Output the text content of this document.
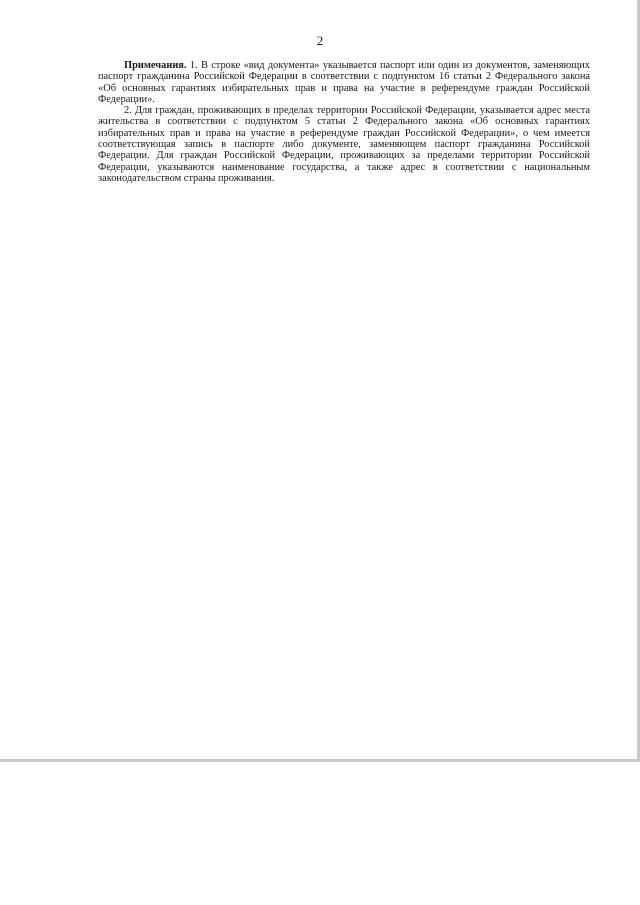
2

Примечания. 1. В строке «вид документа» указывается паспорт или один из документов, заменяющих паспорт гражданина Российской Федерации в соответствии с подпунктом 16 статьи 2 Федерального закона «Об основных гарантиях избирательных прав и права на участие в референдуме граждан Российской Федерации».

2. Для граждан, проживающих в пределах территории Российской Федерации, указывается адрес места жительства в соответствии с подпунктом 5 статьи 2 Федерального закона «Об основных гарантиях избирательных прав и права на участие в референдуме граждан Российской Федерации», о чем имеется соответствующая запись в паспорте либо документе, заменяющем паспорт гражданина Российской Федерации. Для граждан Российской Федерации, проживающих за пределами территории Российской Федерации, указываются наименование государства, а также адрес в соответствии с национальным законодательством страны проживания.
